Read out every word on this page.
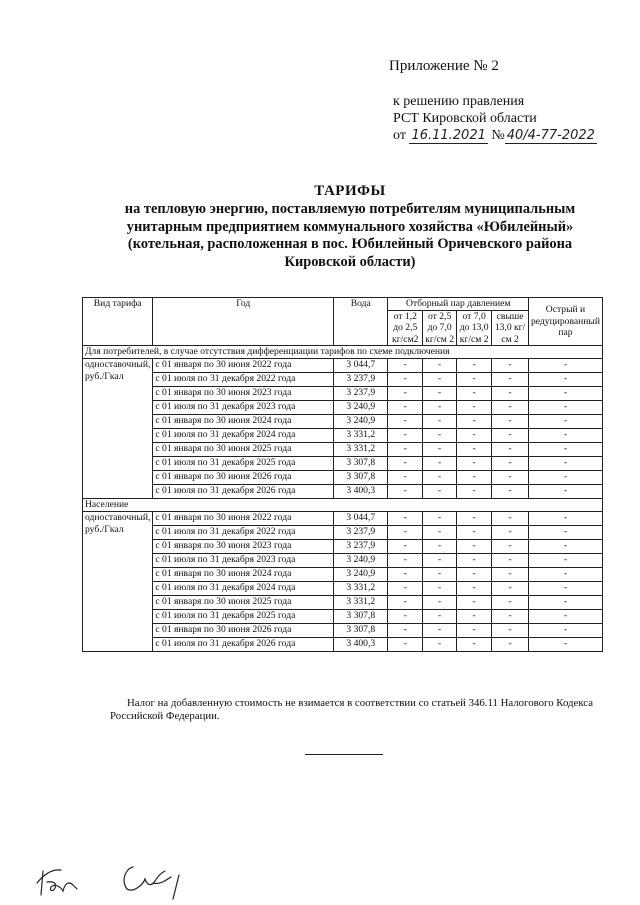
Приложение № 2
к решению правления
РСТ Кировской области
от 16.11.2021 № 40/4-77-2022
ТАРИФЫ
на тепловую энергию, поставляемую потребителям муниципальным
унитарным предприятием коммунального хозяйства «Юбилейный»
(котельная, расположенная в пос. Юбилейный Оричевского района
Кировской области)
Вид тарифа	Год	Вода	Отборный пар давлением				Острый и редуцированный пар
			от 1,2 до 2,5 кг/см2	от 2,5 до 7,0 кг/см 2	от 7,0 до 13,0 кг/см 2	свыше 13,0 кг/см 2	
Для потребителей, в случае отсутствия дифференциации тарифов по схеме подключения							
одноставочный, руб./Гкал	с 01 января по 30 июня 2022 года	3 044,7	-	-	-	-	-
	с 01 июля по 31 декабря 2022 года	3 237,9	-	-	-	-	-
	с 01 января по 30 июня 2023 года	3 237,9	-	-	-	-	-
	с 01 июля по 31 декабря 2023 года	3 240,9	-	-	-	-	-
	с 01 января по 30 июня 2024 года	3 240,9	-	-	-	-	-
	с 01 июля по 31 декабря 2024 года	3 331,2	-	-	-	-	-
	с 01 января по 30 июня 2025 года	3 331,2	-	-	-	-	-
	с 01 июля по 31 декабря 2025 года	3 307,8	-	-	-	-	-
	с 01 января по 30 июня 2026 года	3 307,8	-	-	-	-	-
	с 01 июля по 31 декабря 2026 года	3 400,3	-	-	-	-	-
Население							
одноставочный, руб./Гкал	с 01 января по 30 июня 2022 года	3 044,7	-	-	-	-	-
	с 01 июля по 31 декабря 2022 года	3 237,9	-	-	-	-	-
	с 01 января по 30 июня 2023 года	3 237,9	-	-	-	-	-
	с 01 июля по 31 декабря 2023 года	3 240,9	-	-	-	-	-
	с 01 января по 30 июня 2024 года	3 240,9	-	-	-	-	-
	с 01 июля по 31 декабря 2024 года	3 331,2	-	-	-	-	-
	с 01 января по 30 июня 2025 года	3 331,2	-	-	-	-	-
	с 01 июля по 31 декабря 2025 года	3 307,8	-	-	-	-	-
	с 01 января по 30 июня 2026 года	3 307,8	-	-	-	-	-
	с 01 июля по 31 декабря 2026 года	3 400,3	-	-	-	-	-
Налог на добавленную стоимость не взимается в соответствии со статьей 346.11 Налогового Кодекса Российской Федерации.
